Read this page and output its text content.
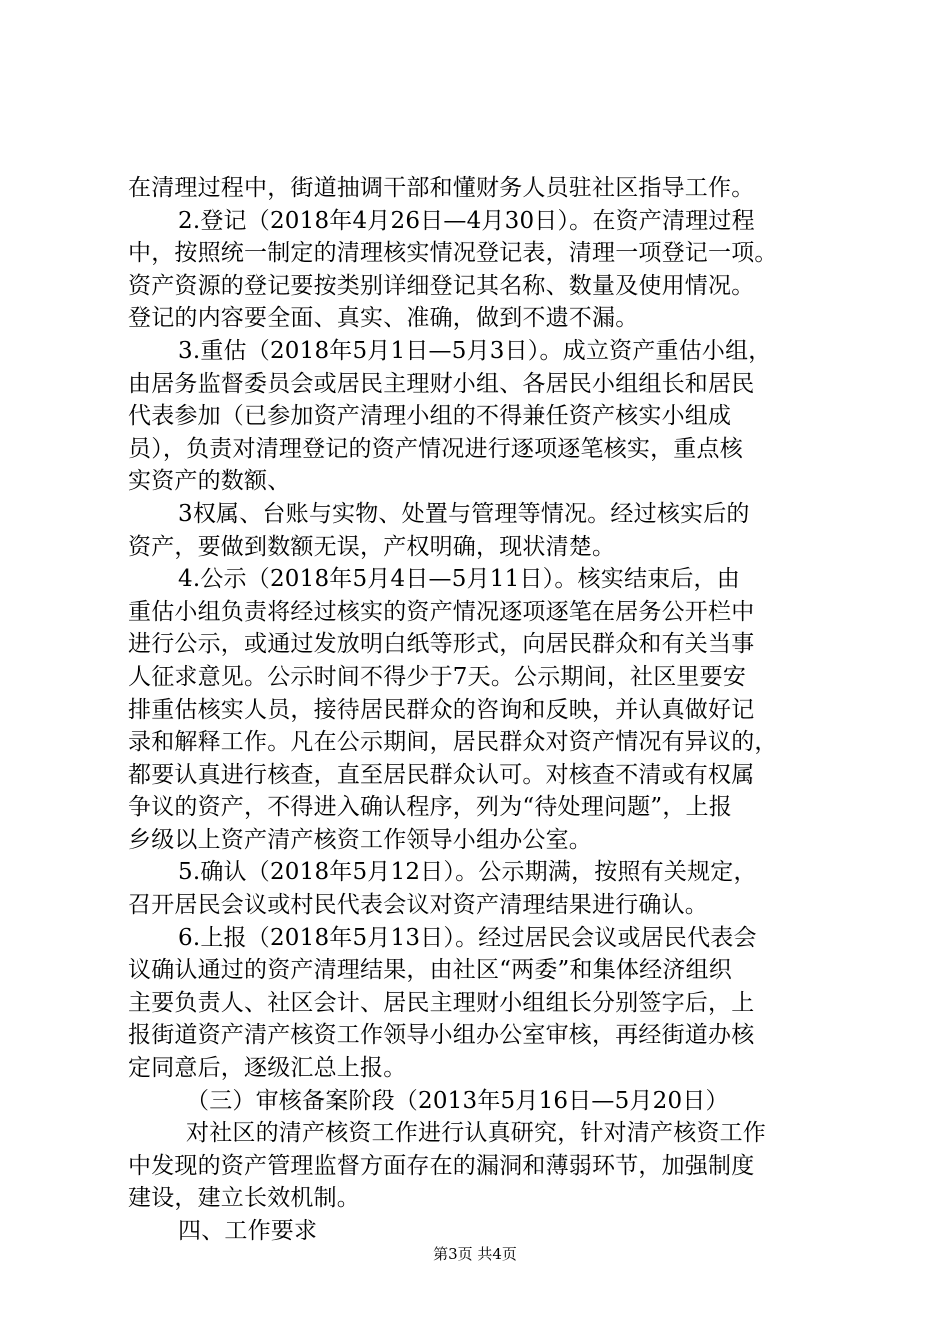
在清理过程中，街道抽调干部和懂财务人员驻社区指导工作。
2.登记（2018年4月26日—4月30日）。在资产清理过程
中，按照统一制定的清理核实情况登记表，清理一项登记一项。
资产资源的登记要按类别详细登记其名称、数量及使用情况。
登记的内容要全面、真实、准确，做到不遗不漏。
3.重估（2018年5月1日—5月3日）。成立资产重估小组，
由居务监督委员会或居民主理财小组、各居民小组组长和居民
代表参加（已参加资产清理小组的不得兼任资产核实小组成
员），负责对清理登记的资产情况进行逐项逐笔核实，重点核
实资产的数额、
3权属、台账与实物、处置与管理等情况。经过核实后的
资产，要做到数额无误，产权明确，现状清楚。
4.公示（2018年5月4日—5月11日）。核实结束后，由
重估小组负责将经过核实的资产情况逐项逐笔在居务公开栏中
进行公示，或通过发放明白纸等形式，向居民群众和有关当事
人征求意见。公示时间不得少于7天。公示期间，社区里要安
排重估核实人员，接待居民群众的咨询和反映，并认真做好记
录和解释工作。凡在公示期间，居民群众对资产情况有异议的，
都要认真进行核查，直至居民群众认可。对核查不清或有权属
争议的资产，不得进入确认程序，列为“待处理问题”，上报
乡级以上资产清产核资工作领导小组办公室。
5.确认（2018年5月12日）。公示期满，按照有关规定，
召开居民会议或村民代表会议对资产清理结果进行确认。
6.上报（2018年5月13日）。经过居民会议或居民代表会
议确认通过的资产清理结果，由社区“两委”和集体经济组织
主要负责人、社区会计、居民主理财小组组长分别签字后，上
报街道资产清产核资工作领导小组办公室审核，再经街道办核
定同意后，逐级汇总上报。
（三）审核备案阶段（2013年5月16日—5月20日）
对社区的清产核资工作进行认真研究，针对清产核资工作
中发现的资产管理监督方面存在的漏洞和薄弱环节，加强制度
建设，建立长效机制。
四、工作要求
第3页 共4页
